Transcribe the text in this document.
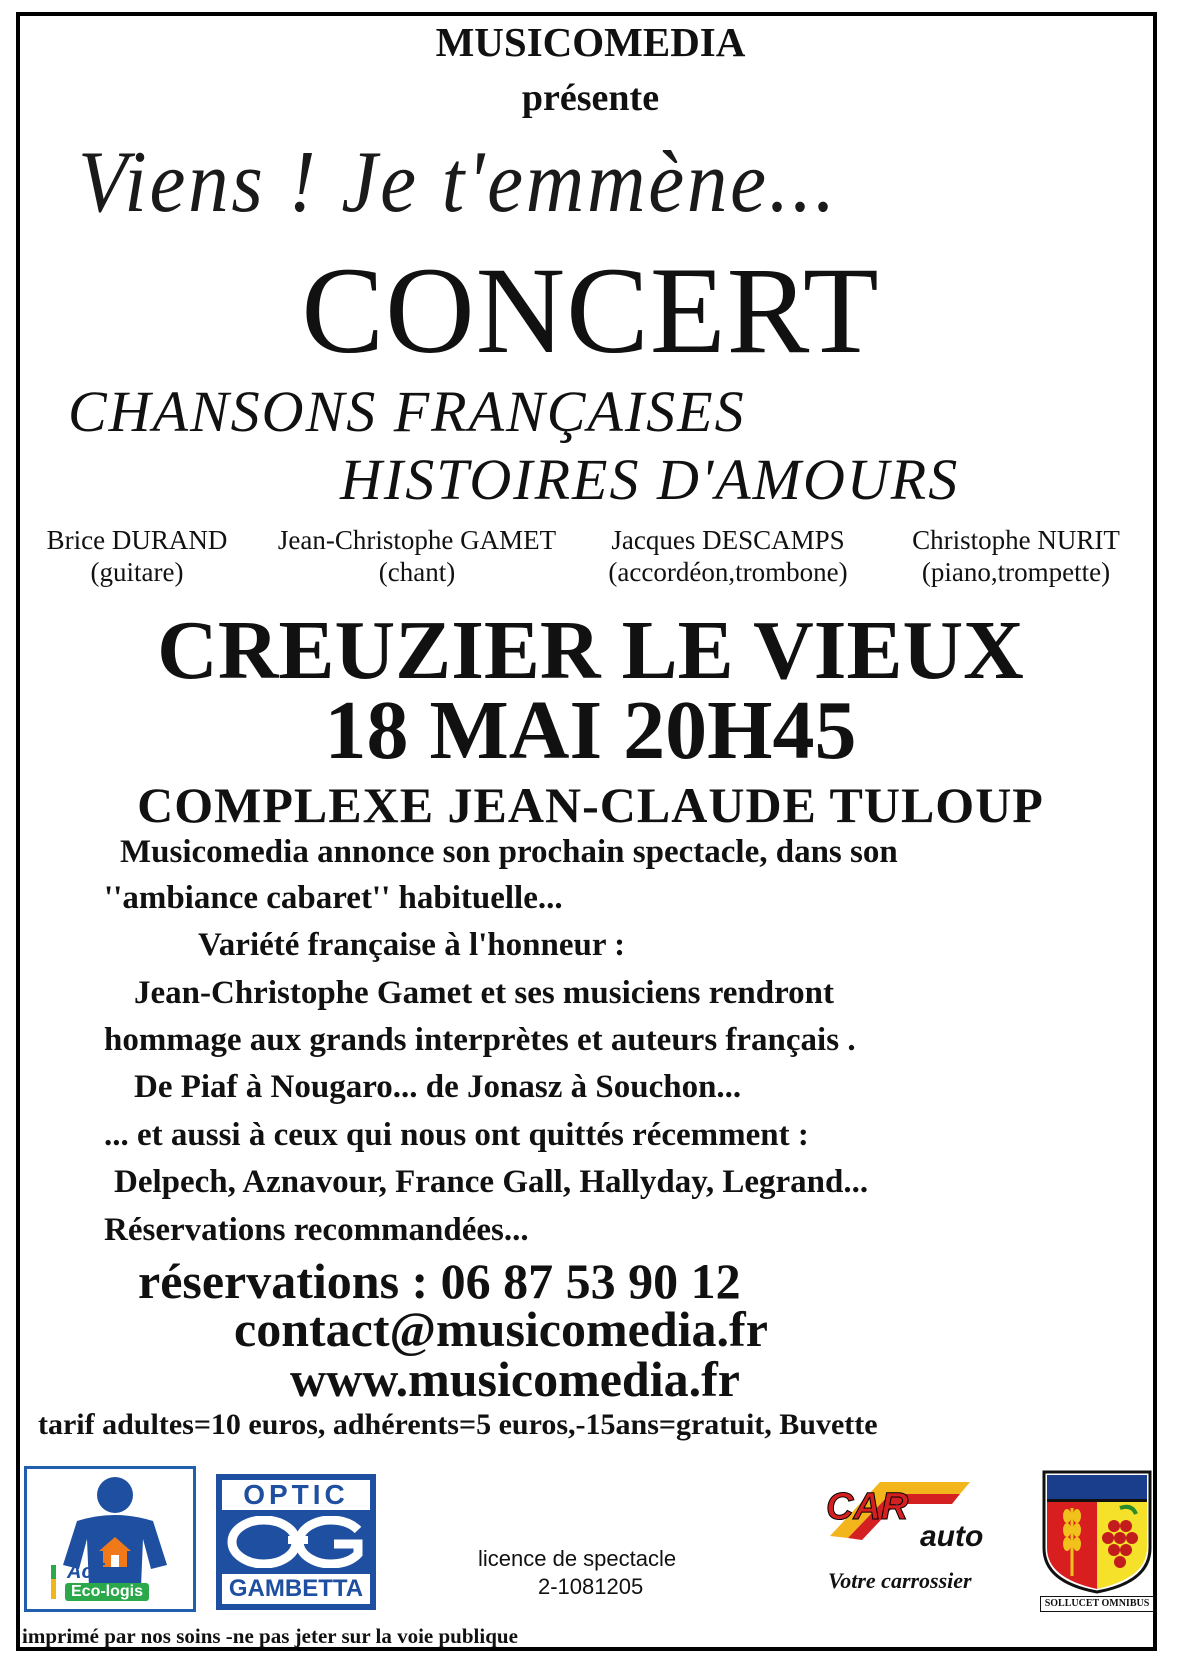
MUSICOMEDIA
présente
Viens ! Je t'emmène...
CONCERT
CHANSONS FRANÇAISES
HISTOIRES D'AMOURS
Brice DURAND
(guitare)
Jean-Christophe GAMET
(chant)
Jacques DESCAMPS
(accordéon,trombone)
Christophe NURIT
(piano,trompette)
CREUZIER LE VIEUX
18 MAI 20H45
COMPLEXE JEAN-CLAUDE TULOUP
Musicomedia annonce son prochain spectacle, dans son
''ambiance cabaret'' habituelle...
Variété française à l'honneur :
Jean-Christophe Gamet et ses musiciens rendront
hommage aux grands interprètes et auteurs français .
De Piaf à Nougaro... de Jonasz à Souchon...
... et aussi à ceux qui nous ont quittés récemment :
Delpech, Aznavour, France Gall, Hallyday, Legrand...
Réservations recommandées...
réservations : 06 87 53 90 12
contact@musicomedia.fr
www.musicomedia.fr
tarif adultes=10 euros, adhérents=5 euros,-15ans=gratuit, Buvette
Action
Eco-logis
OPTIC
GAMBETTA
licence de spectacle
2-1081205
CAR
auto
Votre carrossier
SOLLUCET OMNIBUS
imprimé par nos soins -ne pas jeter sur la voie publique
